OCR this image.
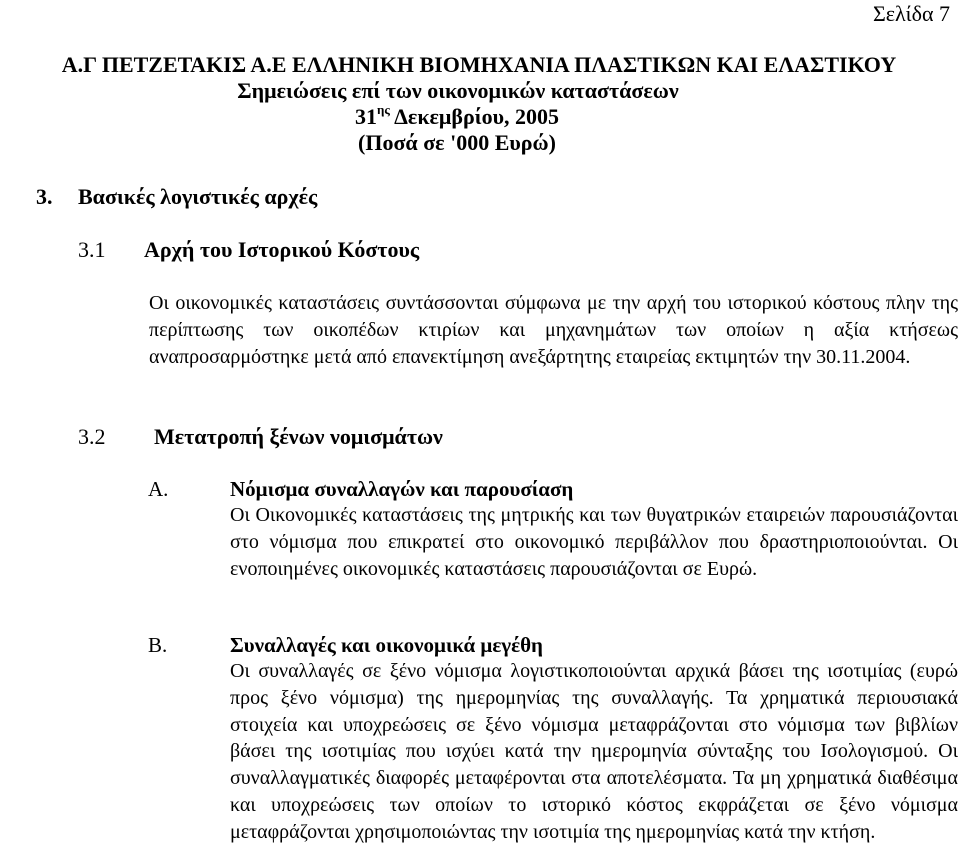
Σελίδα 7
Α.Γ ΠΕΤΖΕΤΑΚΙΣ Α.Ε ΕΛΛΗΝΙΚΗ ΒΙΟΜΗΧΑΝΙΑ ΠΛΑΣΤΙΚΩΝ ΚΑΙ ΕΛΑΣΤΙΚΟΥ
Σημειώσεις επί των οικονομικών καταστάσεων
$31^{\eta\varsigma}$ Δεκεμβρίου, 2005
(Ποσά σε '000 Ευρώ)
3. Βασικές λογιστικές αρχές
3.1 Αρχή του Ιστορικού Κόστους
Οι οικονομικές καταστάσεις συντάσσονται σύμφωνα με την αρχή του ιστορικού κόστους πλην της περίπτωσης των οικοπέδων κτιρίων και μηχανημάτων των οποίων η αξία κτήσεως αναπροσαρμόστηκε μετά από επανεκτίμηση ανεξάρτητης εταιρείας εκτιμητών την 30.11.2004.
3.2 Μετατροπή ξένων νομισμάτων
Α.	Νόμισμα συναλλαγών και παρουσίαση
Οι Οικονομικές καταστάσεις της μητρικής και των θυγατρικών εταιρειών παρουσιάζονται στο νόμισμα που επικρατεί στο οικονομικό περιβάλλον που δραστηριοποιούνται. Οι ενοποιημένες οικονομικές καταστάσεις παρουσιάζονται σε Ευρώ.
Β.	Συναλλαγές και οικονομικά μεγέθη
Οι συναλλαγές σε ξένο νόμισμα λογιστικοποιούνται αρχικά βάσει της ισοτιμίας (ευρώ προς ξένο νόμισμα) της ημερομηνίας της συναλλαγής. Τα χρηματικά περιουσιακά στοιχεία και υποχρεώσεις σε ξένο νόμισμα μεταφράζονται στο νόμισμα των βιβλίων βάσει της ισοτιμίας που ισχύει κατά την ημερομηνία σύνταξης του Ισολογισμού. Οι συναλλαγματικές διαφορές μεταφέρονται στα αποτελέσματα. Τα μη χρηματικά διαθέσιμα και υποχρεώσεις των οποίων το ιστορικό κόστος εκφράζεται σε ξένο νόμισμα μεταφράζονται χρησιμοποιώντας την ισοτιμία της ημερομηνίας κατά την κτήση.
